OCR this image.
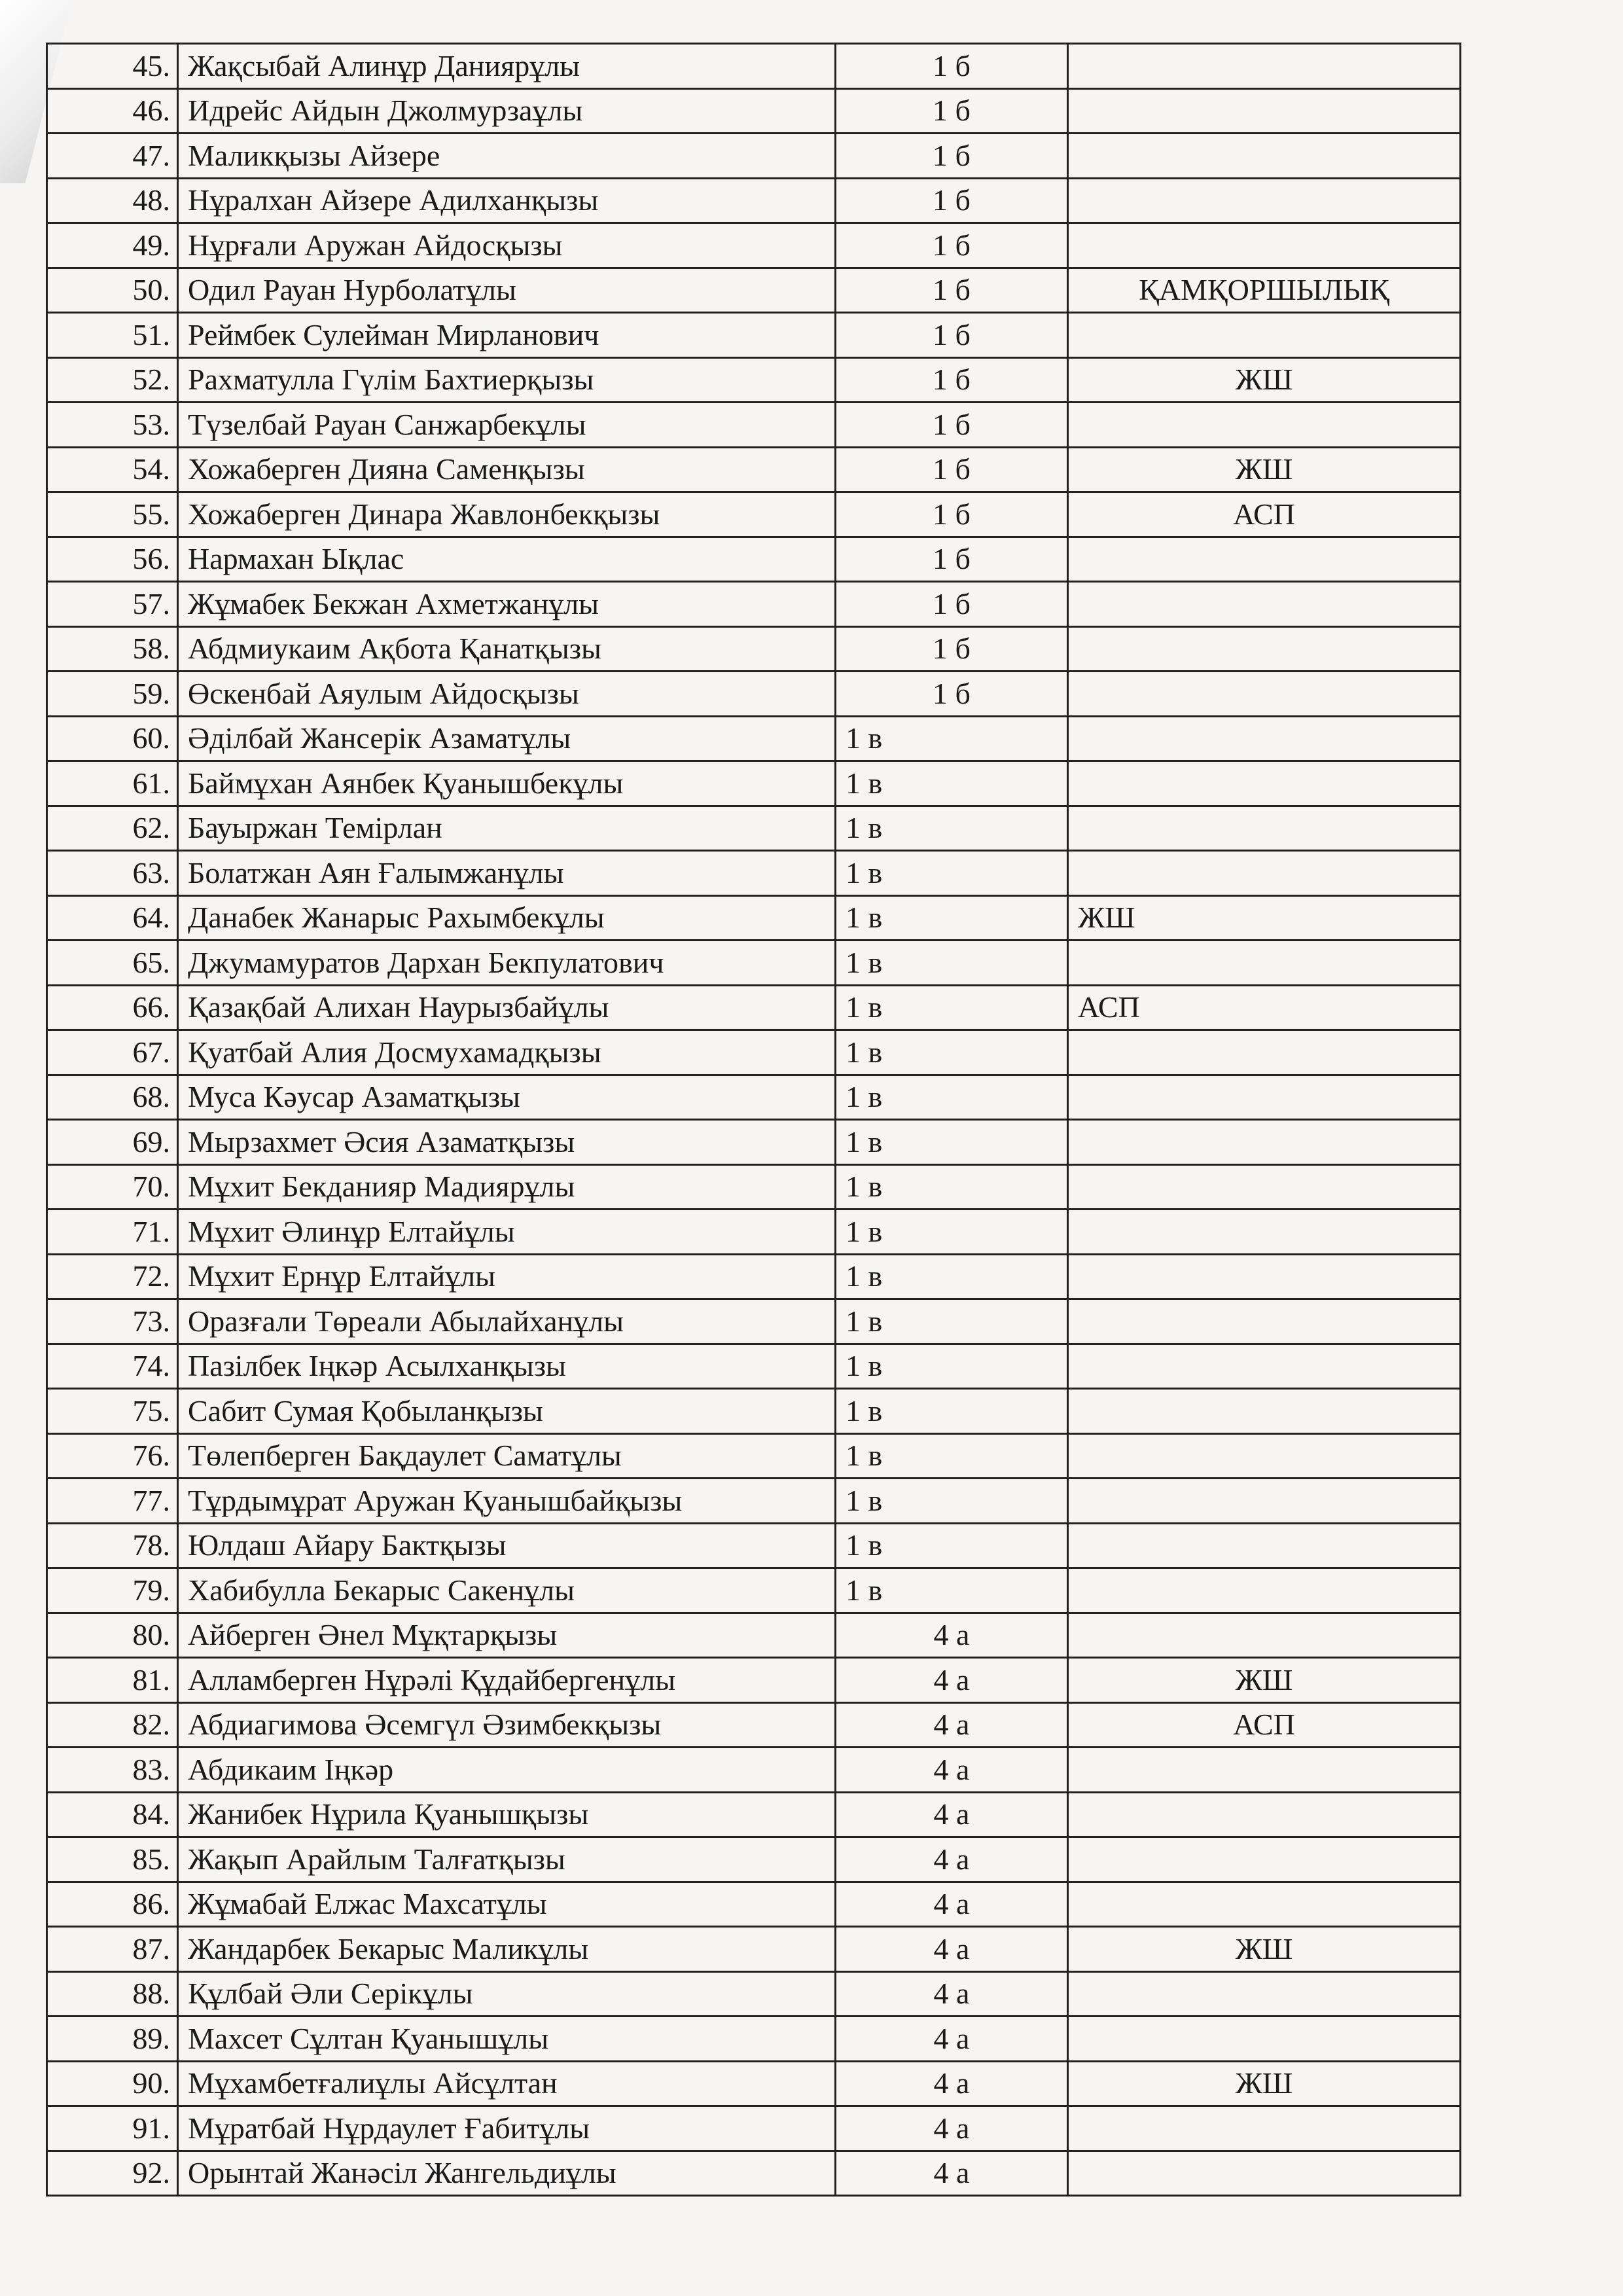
45.	Жақсыбай Алинұр Даниярұлы	1 б	
46.	Идрейс Айдын Джолмурзаұлы	1 б	
47.	Маликқызы Айзере	1 б	
48.	Нұралхан Айзере Адилханқызы	1 б	
49.	Нұрғали Аружан Айдосқызы	1 б	
50.	Одил Рауан Нурболатұлы	1 б	ҚАМҚОРШЫЛЫҚ
51.	Реймбек Сулейман Мирланович	1 б	
52.	Рахматулла Гүлім Бахтиерқызы	1 б	ЖШ
53.	Түзелбай Рауан Санжарбекұлы	1 б	
54.	Хожаберген Дияна Саменқызы	1 б	ЖШ
55.	Хожаберген Динара Жавлонбекқызы	1 б	АСП
56.	Нармахан Ықлас	1 б	
57.	Жұмабек Бекжан Ахметжанұлы	1 б	
58.	Абдмиукаим Ақбота Қанатқызы	1 б	
59.	Өскенбай Аяулым Айдосқызы	1 б	
60.	Әділбай Жансерік Азаматұлы	1 в	
61.	Баймұхан Аянбек Қуанышбекұлы	1 в	
62.	Бауыржан Темірлан	1 в	
63.	Болатжан Аян Ғалымжанұлы	1 в	
64.	Данабек Жанарыс Рахымбекұлы	1 в	ЖШ
65.	Джумамуратов Дархан Бекпулатович	1 в	
66.	Қазақбай Алихан Наурызбайұлы	1 в	АСП
67.	Қуатбай Алия Досмухамадқызы	1 в	
68.	Муса Кәусар Азаматқызы	1 в	
69.	Мырзахмет Әсия Азаматқызы	1 в	
70.	Мұхит Бекданияр Мадиярұлы	1 в	
71.	Мұхит Әлинұр Елтайұлы	1 в	
72.	Мұхит Ернұр Елтайұлы	1 в	
73.	Оразғали Төреали Абылайханұлы	1 в	
74.	Пазілбек Іңкәр Асылханқызы	1 в	
75.	Сабит Сумая Қобыланқызы	1 в	
76.	Төлепберген Бақдаулет Саматұлы	1 в	
77.	Тұрдымұрат Аружан Қуанышбайқызы	1 в	
78.	Юлдаш Айару Бактқызы	1 в	
79.	Хабибулла Бекарыс Сакенұлы	1 в	
80.	Айберген Әнел Мұқтарқызы	4 а	
81.	Алламберген Нұрәлі Құдайбергенұлы	4 а	ЖШ
82.	Абдиагимова Әсемгүл Әзимбекқызы	4 а	АСП
83.	Абдикаим Іңкәр	4 а	
84.	Жанибек Нұрила Қуанышқызы	4 а	
85.	Жақып Арайлым Талғатқызы	4 а	
86.	Жұмабай Елжас Махсатұлы	4 а	
87.	Жандарбек Бекарыс Маликұлы	4 а	ЖШ
88.	Құлбай Әли Серікұлы	4 а	
89.	Махсет Сұлтан Қуанышұлы	4 а	
90.	Мұхамбетғалиұлы Айсұлтан	4 а	ЖШ
91.	Мұратбай Нұрдаулет Ғабитұлы	4 а	
92.	Орынтай Жанәсіл Жангельдиұлы	4 а	
